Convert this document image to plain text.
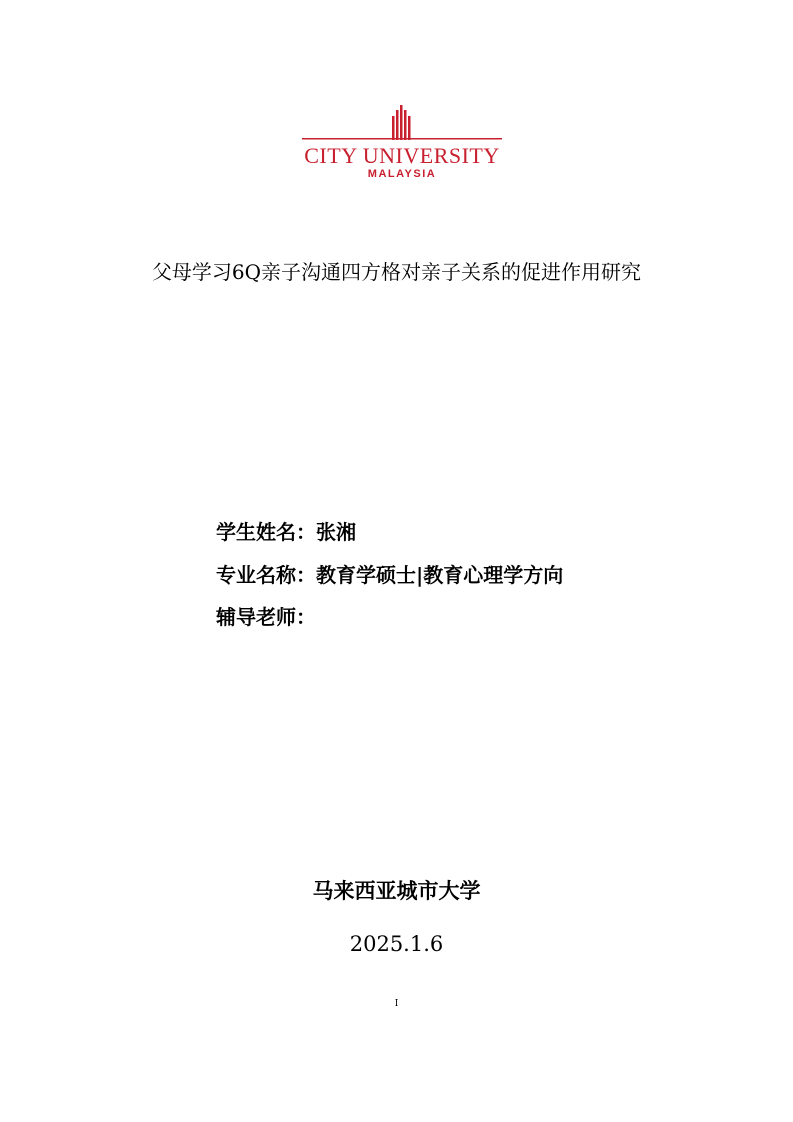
CITY UNIVERSITY
MALAYSIA
父母学习6Q亲子沟通四方格对亲子关系的促进作用研究
学生姓名：张湘
专业名称：教育学硕士|教育心理学方向
辅导老师：
马来西亚城市大学
2025.1.6
I
